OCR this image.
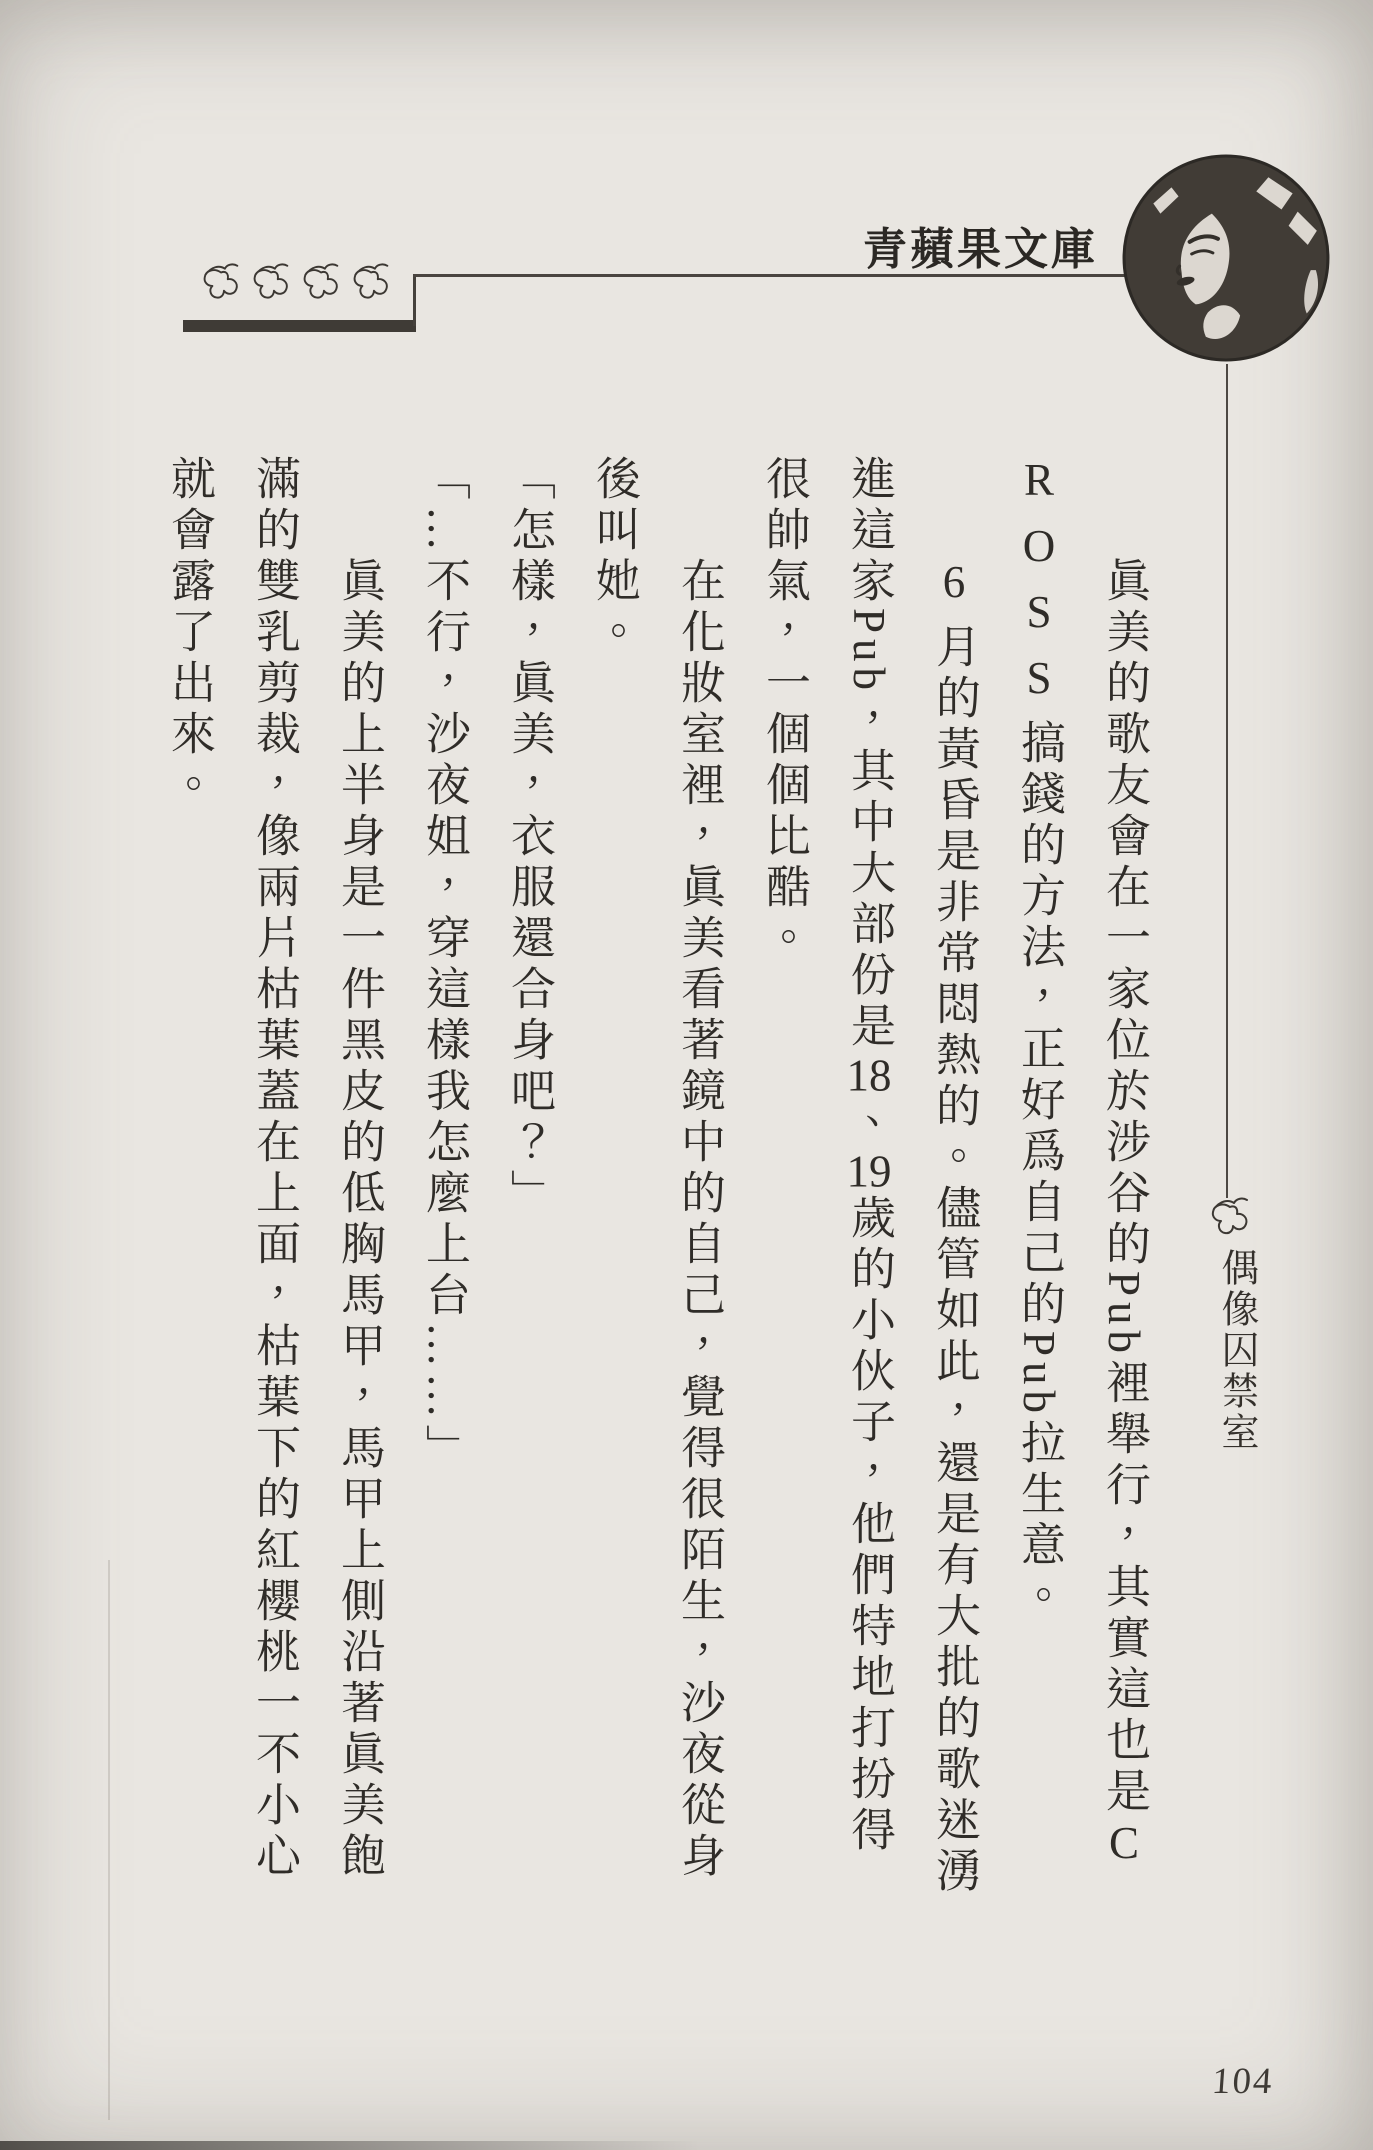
青蘋果文庫
偶像囚禁室
眞美的歌友會在一家位於涉谷的Pub裡舉行，其實這也是C
ROSS搞錢的方法，正好爲自己的Pub拉生意。
6月的黃昏是非常悶熱的。儘管如此，還是有大批的歌迷湧
進這家Pub，其中大部份是18、19歲的小伙子，他們特地打扮得
很帥氣，一個個比酷。
在化妝室裡，眞美看著鏡中的自己，覺得很陌生，沙夜從身
後叫她。
「怎樣，眞美，衣服還合身吧？」
「…不行，沙夜姐，穿這樣我怎麼上台……」
眞美的上半身是一件黑皮的低胸馬甲，馬甲上側沿著眞美飽
滿的雙乳剪裁，像兩片枯葉蓋在上面，枯葉下的紅櫻桃一不小心
就會露了出來。
104
